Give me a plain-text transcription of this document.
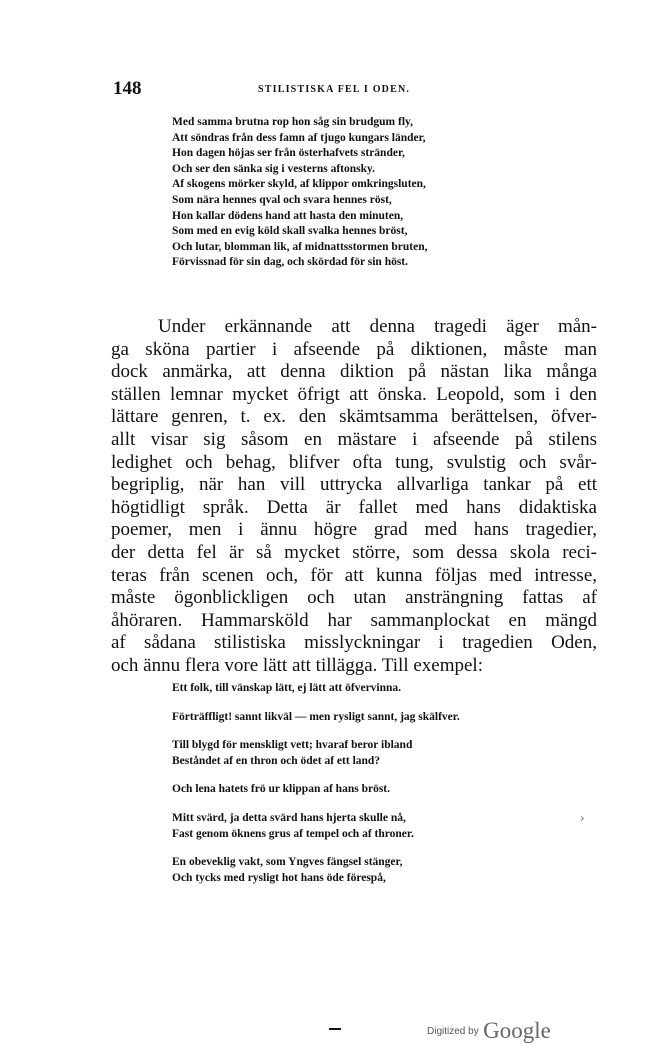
148	STILISTISKA FEL I ODEN.
Med samma brutna rop hon såg sin brudgum fly,
Att söndras från dess famn af tjugo kungars länder,
Hon dagen höjas ser från österhafvets stränder,
Och ser den sänka sig i vesterns aftonsky.
Af skogens mörker skyld, af klippor omkringsluten,
Som nära hennes qval och svara hennes röst,
Hon kallar dödens hand att hasta den minuten,
Som med en evig köld skall svalka hennes bröst,
Och lutar, blomman lik, af midnattsstormen bruten,
Förvissnad för sin dag, och skördad för sin höst.
Under erkännande att denna tragedi äger mån-
ga sköna partier i afseende på diktionen, måste man
dock anmärka, att denna diktion på nästan lika många
ställen lemnar mycket öfrigt att önska. Leopold, som i den
lättare genren, t. ex. den skämtsamma berättelsen, öfver-
allt visar sig såsom en mästare i afseende på stilens
ledighet och behag, blifver ofta tung, svulstig och svår-
begriplig, när han vill uttrycka allvarliga tankar på ett
högtidligt språk. Detta är fallet med hans didaktiska
poemer, men i ännu högre grad med hans tragedier,
der detta fel är så mycket större, som dessa skola reci-
teras från scenen och, för att kunna följas med intresse,
måste ögonblickligen och utan ansträngning fattas af
åhöraren. Hammarsköld har sammanplockat en mängd
af sådana stilistiska misslyckningar i tragedien Oden,
och ännu flera vore lätt att tillägga. Till exempel:
Ett folk, till vänskap lätt, ej lätt att öfvervinna.
Förträffligt! sannt likväl — men rysligt sannt, jag skälfver.
Till blygd för menskligt vett; hvaraf beror ibland
Beståndet af en thron och ödet af ett land?
Och lena hatets frö ur klippan af hans bröst.
Mitt svärd, ja detta svärd hans hjerta skulle nå,
Fast genom öknens grus af tempel och af throner.
En obeveklig vakt, som Yngves fängsel stänger,
Och tycks med rysligt hot hans öde förespå,
›
$^{Digitized by}$ Google
